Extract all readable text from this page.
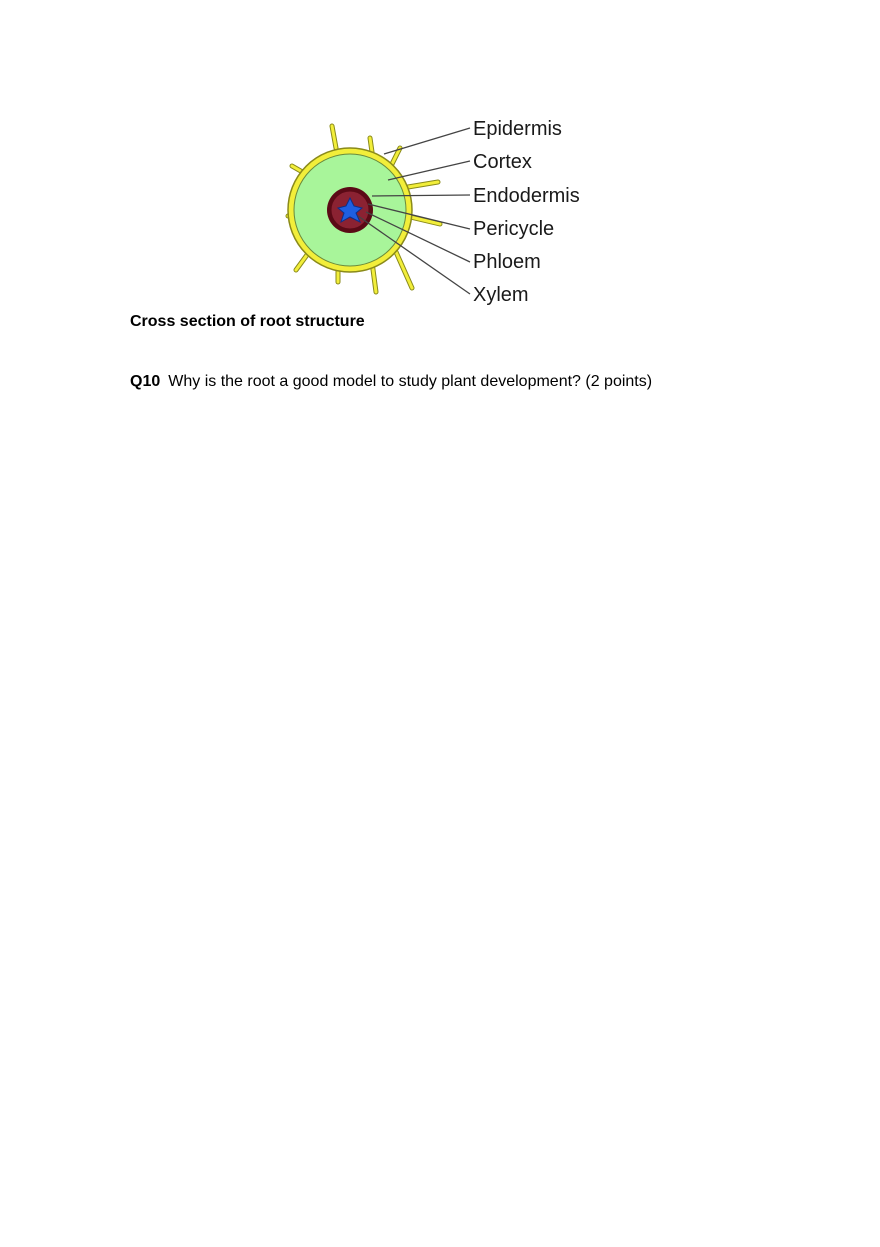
Epidermis
Cortex
Endodermis
Pericycle
Phloem
Xylem
Cross section of root structure
Q10 Why is the root a good model to study plant development? (2 points)
